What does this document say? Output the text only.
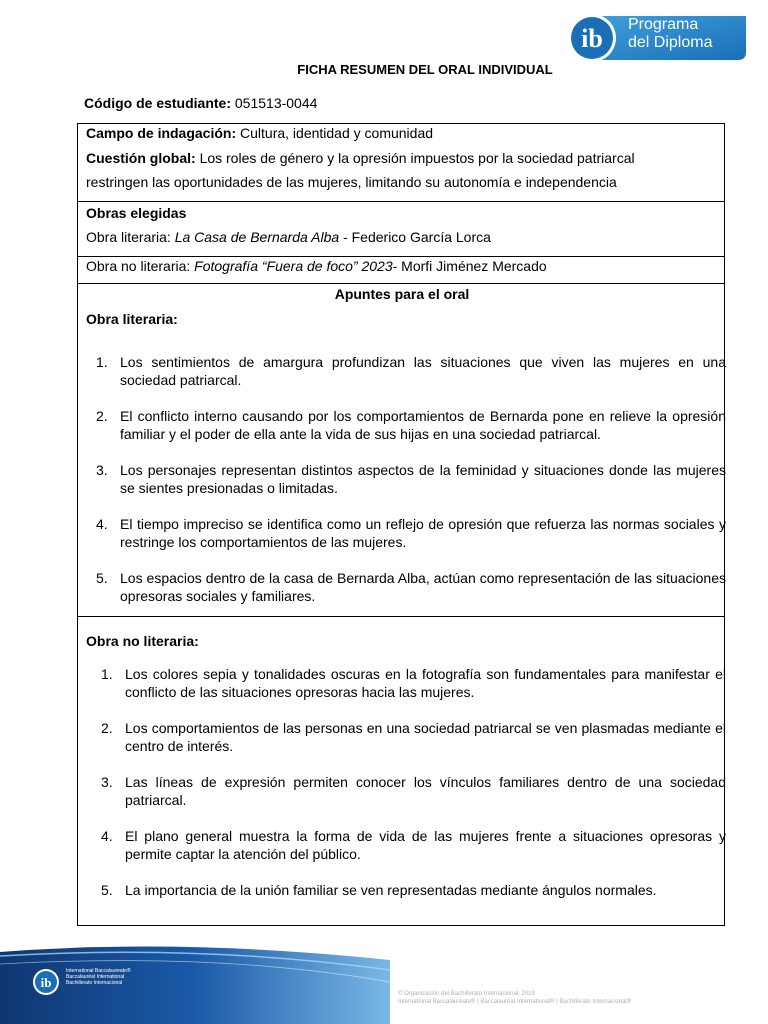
ib Programa
del Diploma
FICHA RESUMEN DEL ORAL INDIVIDUAL
Código de estudiante: 051513-0044
Campo de indagación: Cultura, identidad y comunidad
Cuestión global: Los roles de género y la opresión impuestos por la sociedad patriarcal
restringen las oportunidades de las mujeres, limitando su autonomía e independencia
Obras elegidas
Obra literaria: La Casa de Bernarda Alba - Federico García Lorca
Obra no literaria: Fotografía “Fuera de foco” 2023- Morfi Jiménez Mercado
Apuntes para el oral
Obra literaria:
1. Los sentimientos de amargura profundizan las situaciones que viven las mujeres en una sociedad patriarcal.
2. El conflicto interno causando por los comportamientos de Bernarda pone en relieve la opresión familiar y el poder de ella ante la vida de sus hijas en una sociedad patriarcal.
3. Los personajes representan distintos aspectos de la feminidad y situaciones donde las mujeres se sientes presionadas o limitadas.
4. El tiempo impreciso se identifica como un reflejo de opresión que refuerza las normas sociales y restringe los comportamientos de las mujeres.
5. Los espacios dentro de la casa de Bernarda Alba, actúan como representación de las situaciones opresoras sociales y familiares.
Obra no literaria:
1. Los colores sepia y tonalidades oscuras en la fotografía son fundamentales para manifestar el conflicto de las situaciones opresoras hacia las mujeres.
2. Los comportamientos de las personas en una sociedad patriarcal se ven plasmadas mediante el centro de interés.
3. Las líneas de expresión permiten conocer los vínculos familiares dentro de una sociedad patriarcal.
4. El plano general muestra la forma de vida de las mujeres frente a situaciones opresoras y permite captar la atención del público.
5. La importancia de la unión familiar se ven representadas mediante ángulos normales.
ib
International Baccalaureate®
Baccalauréat International
Bachillerato Internacional
© Organización del Bachillerato Internacional, 2019
International Baccalaureate® | Baccalauréat International® | Bachillerato Internacional®
